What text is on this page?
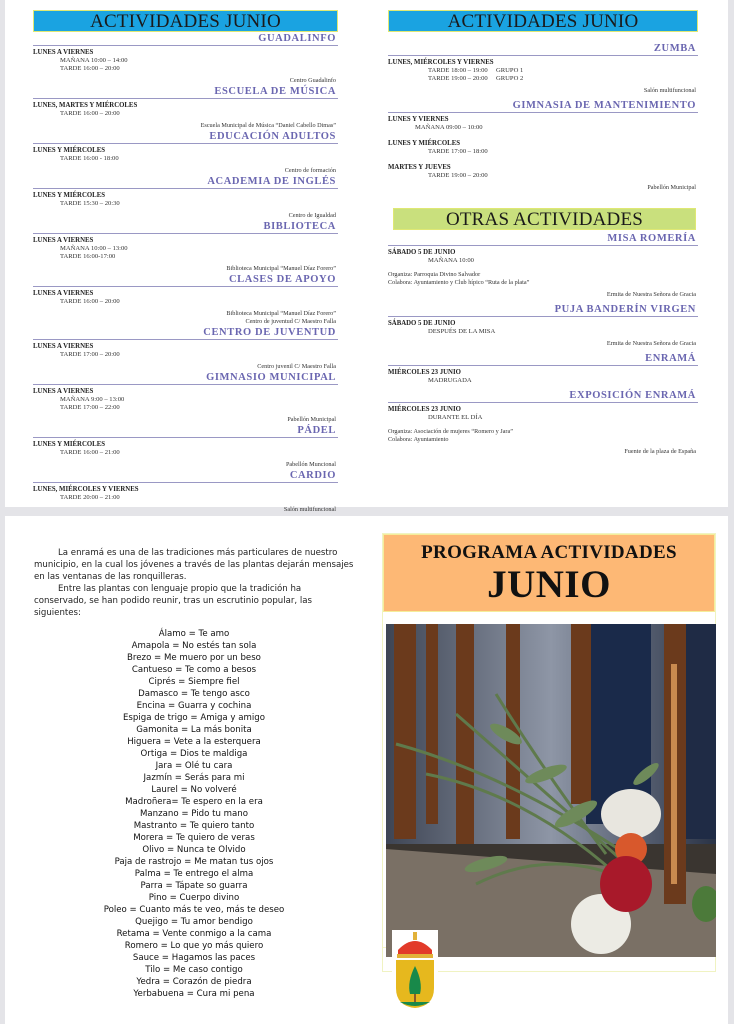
ACTIVIDADES JUNIO
GUADALINFO
LUNES A VIERNES
MAÑANA 10:00 – 14:00
TARDE 16:00 – 20:00
Centro Guadalinfo
ESCUELA DE MÚSICA
LUNES, MARTES Y MIÉRCOLES
TARDE 16:00 – 20:00
Escuela Municipal de Música “Daniel Cabello Dimas”
EDUCACIÓN ADULTOS
LUNES Y MIÉRCOLES
TARDE 16:00 - 18:00
Centro de formación
ACADEMIA DE INGLÉS
LUNES Y MIÉRCOLES
TARDE 15:30 – 20:30
Centro de Igualdad
BIBLIOTECA
LUNES A VIERNES
MAÑANA 10:00 – 13:00
TARDE 16:00-17:00
Biblioteca Municipal “Manuel Díaz Forero”
CLASES DE APOYO
LUNES A VIERNES
TARDE 16:00 – 20:00
Biblioteca Municipal “Manuel Díaz Forero”
Centro de juventud C/ Maestro Falla
CENTRO DE JUVENTUD
LUNES A VIERNES
TARDE 17:00 – 20:00
Centro juvenil C/ Maestro Falla
GIMNASIO MUNICIPAL
LUNES A VIERNES
MAÑANA 9:00 – 13:00
TARDE 17:00 – 22:00
Pabellón Municipal
PÁDEL
LUNES Y MIÉRCOLES
TARDE 16:00 – 21:00
Pabellón Muncional
CARDIO
LUNES, MIÉRCOLES Y VIERNES
TARDE 20:00 – 21:00
Salón multifuncional
ACTIVIDADES JUNIO
ZUMBA
LUNES, MIÉRCOLES Y VIERNES
TARDE 18:00 – 19:00 GRUPO 1
TARDE 19:00 – 20:00 GRUPO 2
Salón multifuncional
GIMNASIA DE MANTENIMIENTO
LUNES Y VIERNES
MAÑANA 09:00 – 10:00
LUNES Y MIÉRCOLES
TARDE 17:00 – 18:00
MARTES Y JUEVES
TARDE 19:00 – 20:00
Pabellón Municipal
OTRAS ACTIVIDADES
MISA ROMERÍA
SÁBADO 5 DE JUNIO
MAÑANA 10:00
Organiza: Parroquia Divino Salvador
Colabora: Ayuntamiento y Club hípico “Ruta de la plata”
Ermita de Nuestra Señora de Gracia
PUJA BANDERÍN VIRGEN
SÁBADO 5 DE JUNIO
DESPUÉS DE LA MISA
Ermita de Nuestra Señora de Gracia
ENRAMÁ
MIÉRCOLES 23 JUNIO
MADRUGADA
EXPOSICIÓN ENRAMÁ
MIÉRCOLES 23 JUNIO
DURANTE EL DÍA
Organiza: Asociación de mujeres “Romero y Jara”
Colabora: Ayuntamiento
Fuente de la plaza de España

La enramá es una de las tradiciones más particulares de nuestro municipio, en la cual los jóvenes a través de las plantas dejarán mensajes en las ventanas de las ronquilleras.

Entre las plantas con lenguaje propio que la tradición ha conservado, se han podido reunir, tras un escrutinio popular, las siguientes:

Álamo = Te amo
Amapola = No estés tan sola
Brezo = Me muero por un beso
Cantueso = Te como a besos
Ciprés = Siempre fiel
Damasco = Te tengo asco
Encina = Guarra y cochina
Espiga de trigo = Amiga y amigo
Gamonita = La más bonita
Higuera = Vete a la esterquera
Ortiga = Dios te maldiga
Jara = Olé tu cara
Jazmín = Serás para mi
Laurel = No volveré
Madroñera= Te espero en la era
Manzano = Pido tu mano
Mastranto = Te quiero tanto
Morera = Te quiero de veras
Olivo = Nunca te Olvido
Paja de rastrojo = Me matan tus ojos
Palma = Te entrego el alma
Parra = Tápate so guarra
Pino = Cuerpo divino
Poleo = Cuanto más te veo, más te deseo
Quejigo = Tu amor bendigo
Retama = Vente conmigo a la cama
Romero = Lo que yo más quiero
Sauce = Hagamos las paces
Tilo = Me caso contigo
Yedra = Corazón de piedra
Yerbabuena = Cura mi pena
PROGRAMA ACTIVIDADES
JUNIO
